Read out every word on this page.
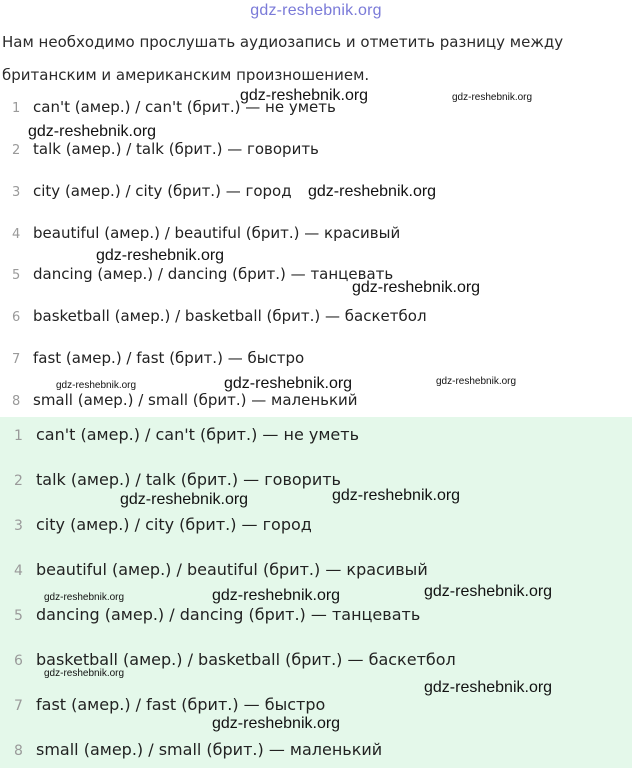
gdz-reshebnik.org
Нам необходимо прослушать аудиозапись и отметить разницу между
британским и американским произношением.
1 can't (амер.) / can't (брит.) — не уметь
2 talk (амер.) / talk (брит.) — говорить
3 city (амер.) / city (брит.) — город
4 beautiful (амер.) / beautiful (брит.) — красивый
5 dancing (амер.) / dancing (брит.) — танцевать
6 basketball (амер.) / basketball (брит.) — баскетбол
7 fast (амер.) / fast (брит.) — быстро
8 small (амер.) / small (брит.) — маленький
1 can't (амер.) / can't (брит.) — не уметь
2 talk (амер.) / talk (брит.) — говорить
3 city (амер.) / city (брит.) — город
4 beautiful (амер.) / beautiful (брит.) — красивый
5 dancing (амер.) / dancing (брит.) — танцевать
6 basketball (амер.) / basketball (брит.) — баскетбол
7 fast (амер.) / fast (брит.) — быстро
8 small (амер.) / small (брит.) — маленький
gdz-reshebnik.org	gdz-reshebnik.org
gdz-reshebnik.org
gdz-reshebnik.org
gdz-reshebnik.org
gdz-reshebnik.org
gdz-reshebnik.org	gdz-reshebnik.org	gdz-reshebnik.org
gdz-reshebnik.org	gdz-reshebnik.org
gdz-reshebnik.org	gdz-reshebnik.org	gdz-reshebnik.org
gdz-reshebnik.org
gdz-reshebnik.org
gdz-reshebnik.org
